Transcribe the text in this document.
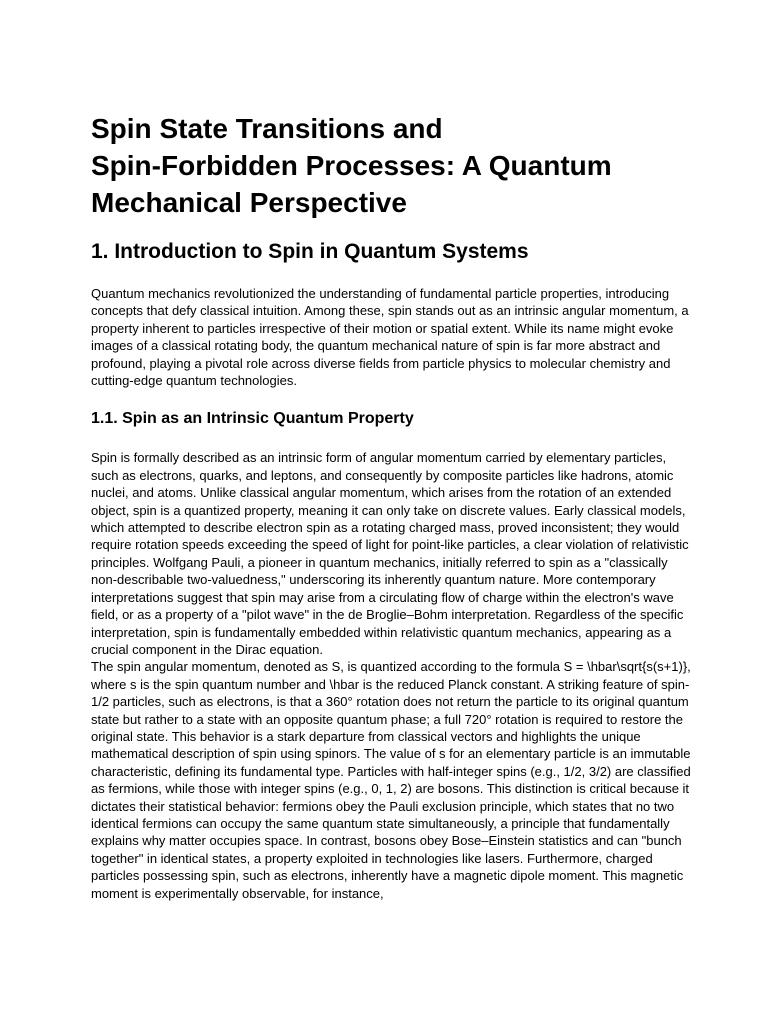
Spin State Transitions and
Spin-Forbidden Processes: A Quantum
Mechanical Perspective
1. Introduction to Spin in Quantum Systems

Quantum mechanics revolutionized the understanding of fundamental particle properties, introducing concepts that defy classical intuition. Among these, spin stands out as an intrinsic angular momentum, a property inherent to particles irrespective of their motion or spatial extent. While its name might evoke images of a classical rotating body, the quantum mechanical nature of spin is far more abstract and profound, playing a pivotal role across diverse fields from particle physics to molecular chemistry and cutting-edge quantum technologies.

1.1. Spin as an Intrinsic Quantum Property

Spin is formally described as an intrinsic form of angular momentum carried by elementary particles, such as electrons, quarks, and leptons, and consequently by composite particles like hadrons, atomic nuclei, and atoms. Unlike classical angular momentum, which arises from the rotation of an extended object, spin is a quantized property, meaning it can only take on discrete values. Early classical models, which attempted to describe electron spin as a rotating charged mass, proved inconsistent; they would require rotation speeds exceeding the speed of light for point-like particles, a clear violation of relativistic principles. Wolfgang Pauli, a pioneer in quantum mechanics, initially referred to spin as a "classically non-describable two-valuedness," underscoring its inherently quantum nature. More contemporary interpretations suggest that spin may arise from a circulating flow of charge within the electron's wave field, or as a property of a "pilot wave" in the de Broglie–Bohm interpretation. Regardless of the specific interpretation, spin is fundamentally embedded within relativistic quantum mechanics, appearing as a crucial component in the Dirac equation.

The spin angular momentum, denoted as S, is quantized according to the formula S = \hbar\sqrt{s(s+1)}, where s is the spin quantum number and \hbar is the reduced Planck constant. A striking feature of spin-1/2 particles, such as electrons, is that a 360° rotation does not return the particle to its original quantum state but rather to a state with an opposite quantum phase; a full 720° rotation is required to restore the original state. This behavior is a stark departure from classical vectors and highlights the unique mathematical description of spin using spinors. The value of s for an elementary particle is an immutable characteristic, defining its fundamental type. Particles with half-integer spins (e.g., 1/2, 3/2) are classified as fermions, while those with integer spins (e.g., 0, 1, 2) are bosons. This distinction is critical because it dictates their statistical behavior: fermions obey the Pauli exclusion principle, which states that no two identical fermions can occupy the same quantum state simultaneously, a principle that fundamentally explains why matter occupies space. In contrast, bosons obey Bose–Einstein statistics and can "bunch together" in identical states, a property exploited in technologies like lasers. Furthermore, charged particles possessing spin, such as electrons, inherently have a magnetic dipole moment. This magnetic moment is experimentally observable, for instance,
